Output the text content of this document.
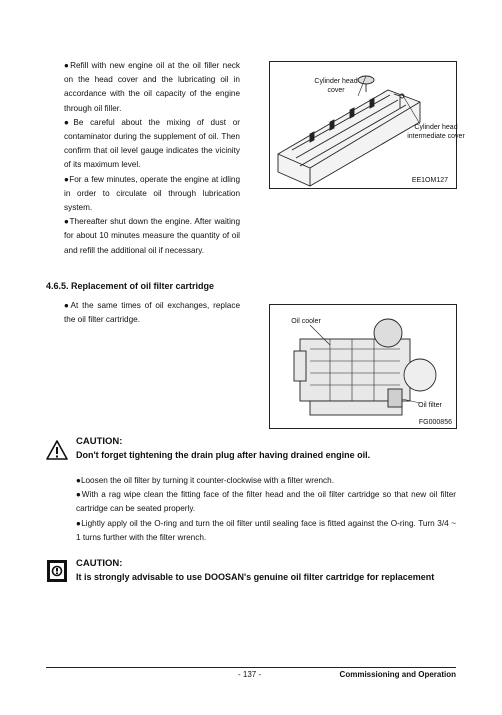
●Refill with new engine oil at the oil filler neck on the head cover and the lubricating oil in accordance with the oil capacity of the engine through oil filler.
●Be careful about the mixing of dust or contaminator during the supplement of oil. Then confirm that oil level gauge indicates the vicinity of its maximum level.
●For a few minutes, operate the engine at idling in order to circulate oil through lubrication system.
●Thereafter shut down the engine. After waiting for about 10 minutes measure the quantity of oil and refill the additional oil if necessary.
Cylinder head cover
Cylinder head intermediate cover
EE1OM127
4.6.5. Replacement of oil filter cartridge
●At the same times of oil exchanges, replace the oil filter cartridge.	Oil cooler
Oil filter
FG000856
CAUTION:
Don't forget tightening the drain plug after having drained engine oil.
●Loosen the oil filter by turning it counter-clockwise with a filter wrench.
●With a rag wipe clean the fitting face of the filter head and the oil filter cartridge so that new oil filter cartridge can be seated properly.
●Lightly apply oil the O-ring and turn the oil filter until sealing face is fitted against the O-ring. Turn 3/4 ~ 1 turns further with the filter wrench.
CAUTION:
It is strongly advisable to use DOOSAN's genuine oil filter cartridge for replacement
- 137 -	Commissioning and Operation
